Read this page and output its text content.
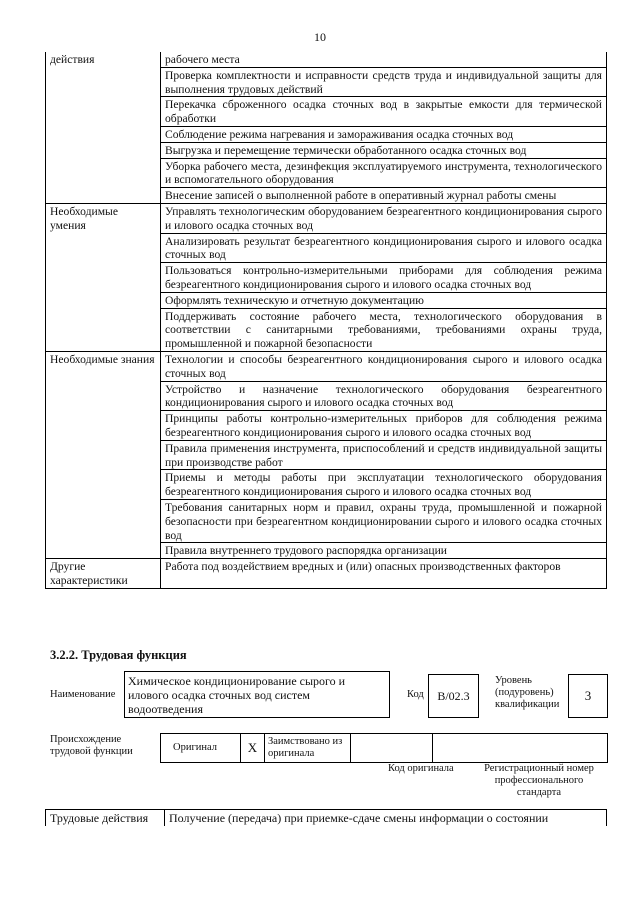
10
действия	рабочего места
	Проверка комплектности и исправности средств труда и индивидуальной защиты для выполнения трудовых действий
	Перекачка сброженного осадка сточных вод в закрытые емкости для термической обработки
	Соблюдение режима нагревания и замораживания осадка сточных вод
	Выгрузка и перемещение термически обработанного осадка сточных вод
	Уборка рабочего места, дезинфекция эксплуатируемого инструмента, технологического и вспомогательного оборудования
	Внесение записей о выполненной работе в оперативный журнал работы смены
Необходимые умения	Управлять технологическим оборудованием безреагентного кондиционирования сырого и илового осадка сточных вод
	Анализировать результат безреагентного кондиционирования сырого и илового осадка сточных вод
	Пользоваться контрольно-измерительными приборами для соблюдения режима безреагентного кондиционирования сырого и илового осадка сточных вод
	Оформлять техническую и отчетную документацию
	Поддерживать состояние рабочего места, технологического оборудования в соответствии с санитарными требованиями, требованиями охраны труда, промышленной и пожарной безопасности
Необходимые знания	Технологии и способы безреагентного кондиционирования сырого и илового осадка сточных вод
	Устройство и назначение технологического оборудования безреагентного кондиционирования сырого и илового осадка сточных вод
	Принципы работы контрольно-измерительных приборов для соблюдения режима безреагентного кондиционирования сырого и илового осадка сточных вод
	Правила применения инструмента, приспособлений и средств индивидуальной защиты при производстве работ
	Приемы и методы работы при эксплуатации технологического оборудования безреагентного кондиционирования сырого и илового осадка сточных вод
	Требования санитарных норм и правил, охраны труда, промышленной и пожарной безопасности при безреагентном кондиционировании сырого и илового осадка сточных вод
	Правила внутреннего трудового распорядка организации
Другие характеристики	Работа под воздействием вредных и (или) опасных производственных факторов
3.2.2. Трудовая функция
Наименование
Химическое кондиционирование сырого и илового осадка сточных вод систем водоотведения
Код	В/02.3
Уровень (подуровень) квалификации
3
Происхождение трудовой функции	Оригинал	X	Заимствовано из оригинала
Код оригинала	Регистрационный номер профессионального стандарта
Трудовые действия	Получение (передача) при приемке-сдаче смены информации о состоянии
